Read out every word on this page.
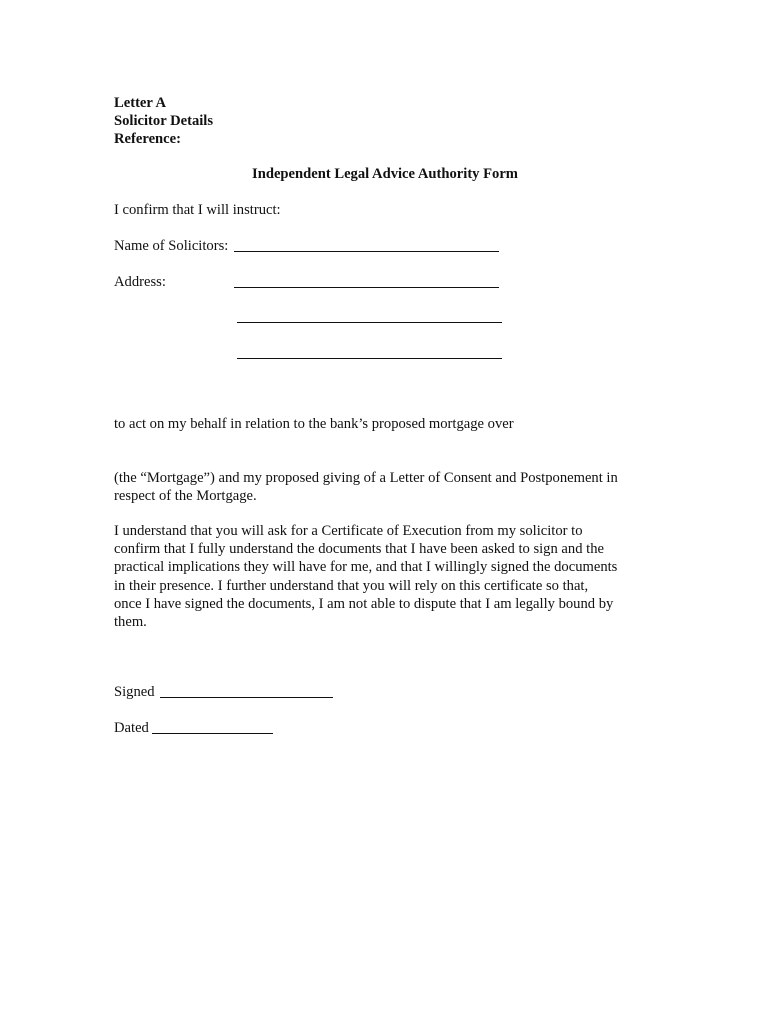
Letter A
Solicitor Details
Reference:
Independent Legal Advice Authority Form
I confirm that I will instruct:
Name of Solicitors:
Address:
to act on my behalf in relation to the bank’s proposed mortgage over
(the “Mortgage”) and my proposed giving of a Letter of Consent and Postponement in
respect of the Mortgage.
I understand that you will ask for a Certificate of Execution from my solicitor to
confirm that I fully understand the documents that I have been asked to sign and the
practical implications they will have for me, and that I willingly signed the documents
in their presence. I further understand that you will rely on this certificate so that,
once I have signed the documents, I am not able to dispute that I am legally bound by
them.
Signed
Dated
